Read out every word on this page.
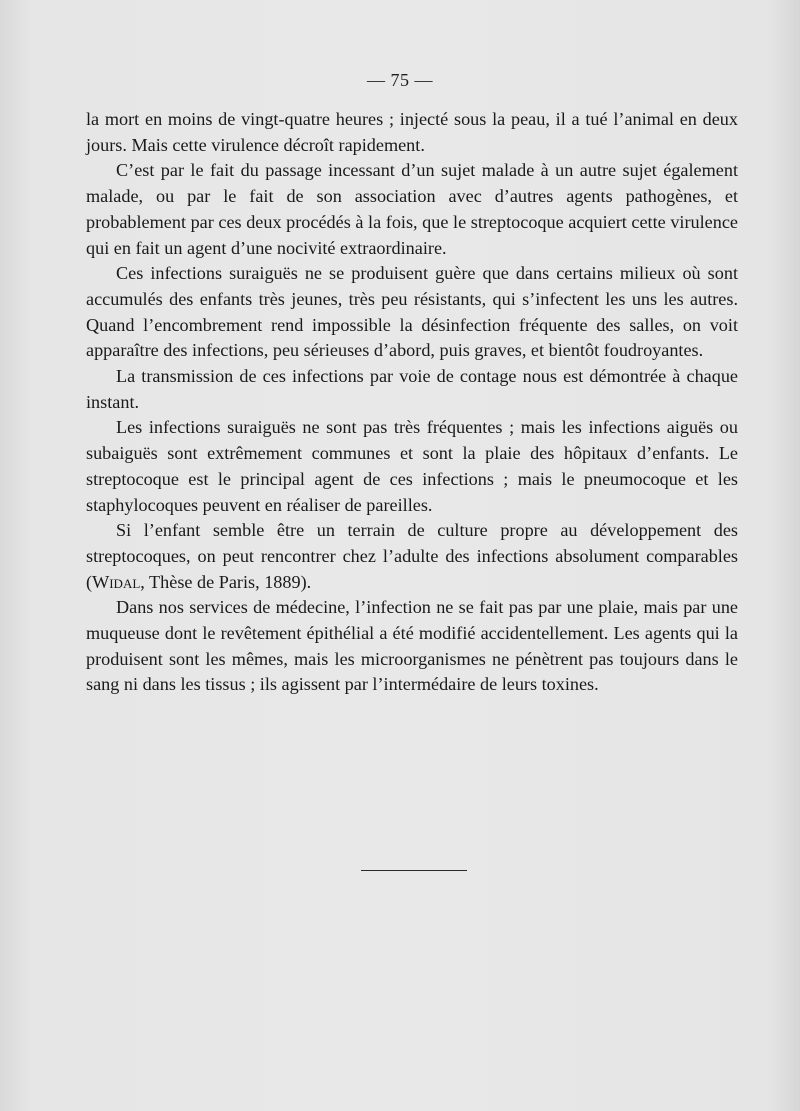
— 75 —

la mort en moins de vingt-quatre heures ; injecté sous la peau, il a tué l’animal en deux jours. Mais cette virulence décroît rapidement.

C’est par le fait du passage incessant d’un sujet malade à un autre sujet également malade, ou par le fait de son association avec d’autres agents pathogènes, et probablement par ces deux procédés à la fois, que le streptocoque acquiert cette virulence qui en fait un agent d’une nocivité extraordinaire.

Ces infections suraiguës ne se produisent guère que dans certains milieux où sont accumulés des enfants très jeunes, très peu résistants, qui s’infectent les uns les autres. Quand l’encombrement rend impossible la désinfection fréquente des salles, on voit apparaître des infections, peu sérieuses d’abord, puis graves, et bientôt foudroyantes.

La transmission de ces infections par voie de contage nous est démontrée à chaque instant.

Les infections suraiguës ne sont pas très fréquentes ; mais les infections aiguës ou subaiguës sont extrêmement communes et sont la plaie des hôpitaux d’enfants. Le streptocoque est le principal agent de ces infections ; mais le pneumocoque et les staphylocoques peuvent en réaliser de pareilles.

Si l’enfant semble être un terrain de culture propre au développement des streptocoques, on peut rencontrer chez l’adulte des infections absolument comparables (Widal, Thèse de Paris, 1889).

Dans nos services de médecine, l’infection ne se fait pas par une plaie, mais par une muqueuse dont le revêtement épithélial a été modifié accidentellement. Les agents qui la produisent sont les mêmes, mais les microorganismes ne pénètrent pas toujours dans le sang ni dans les tissus ; ils agissent par l’intermédaire de leurs toxines.
